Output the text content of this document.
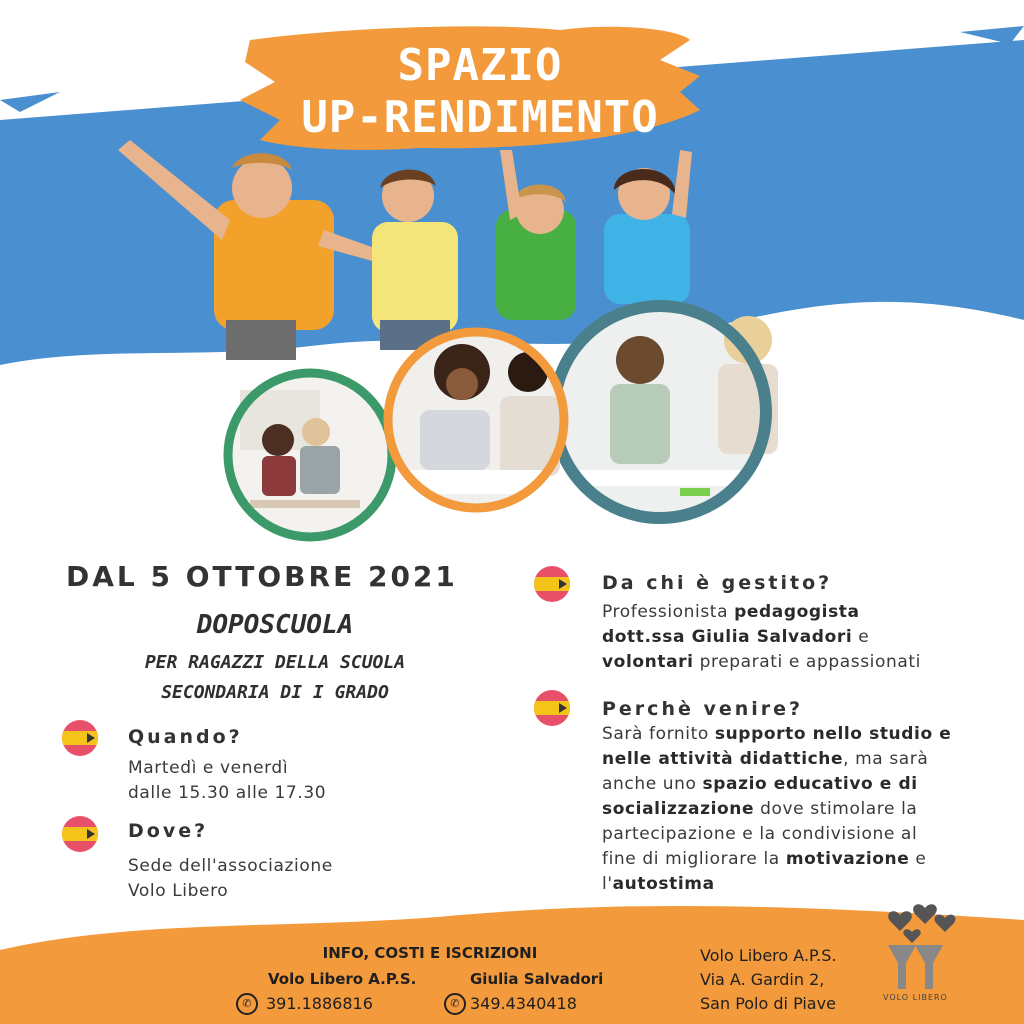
SPAZIO
UP-RENDIMENTO
DAL 5 OTTOBRE 2021
DOPOSCUOLA
PER RAGAZZI DELLA SCUOLA
SECONDARIA DI I GRADO
Quando?
Martedì e venerdì
dalle 15.30 alle 17.30
Dove?
Sede dell'associazione
Volo Libero
Da chi è gestito?
Professionista pedagogista
dott.ssa Giulia Salvadori e
volontari preparati e appassionati
Perchè venire?
Sarà fornito supporto nello studio e
nelle attività didattiche, ma sarà
anche uno spazio educativo e di
socializzazione dove stimolare la
partecipazione e la condivisione al
fine di migliorare la motivazione e
l'autostima
INFO, COSTI E ISCRIZIONI
Volo Libero A.P.S.	Giulia Salvadori
✆ 391.1886816	✆ 349.4340418
Volo Libero A.P.S.
Via A. Gardin 2,
San Polo di Piave	VOLO LIBERO
